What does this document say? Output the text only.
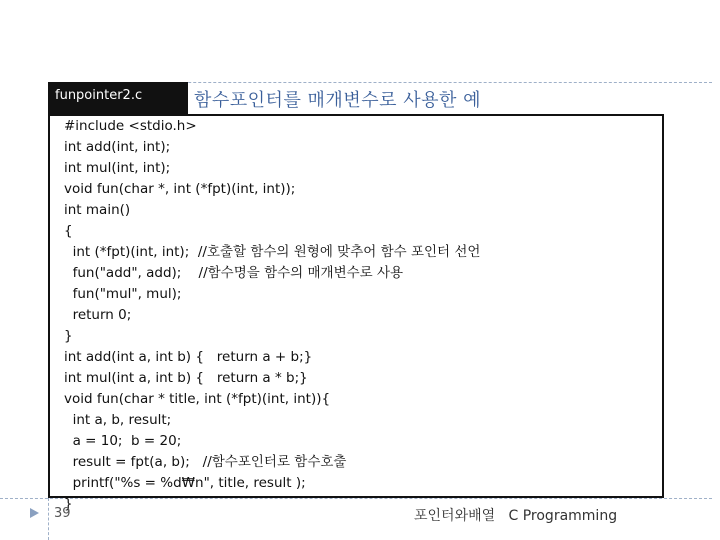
funpointer2.c	함수포인터를 매개변수로 사용한 예
#include <stdio.h>
int add(int, int);
int mul(int, int);
void fun(char *, int (*fpt)(int, int));
int main()
{
int (*fpt)(int, int);  //호출할 함수의 원형에 맞추어 함수 포인터 선언
fun("add", add);    //함수명을 함수의 매개변수로 사용
fun("mul", mul);
return 0;
}
int add(int a, int b) {   return a + b;}
int mul(int a, int b) {   return a * b;}
void fun(char * title, int (*fpt)(int, int)){
int a, b, result;
a = 10;  b = 20;
result = fpt(a, b);   //함수포인터로 함수호출
printf("%s = %d₩n", title, result );
}
39	포인터와배열   C Programming
